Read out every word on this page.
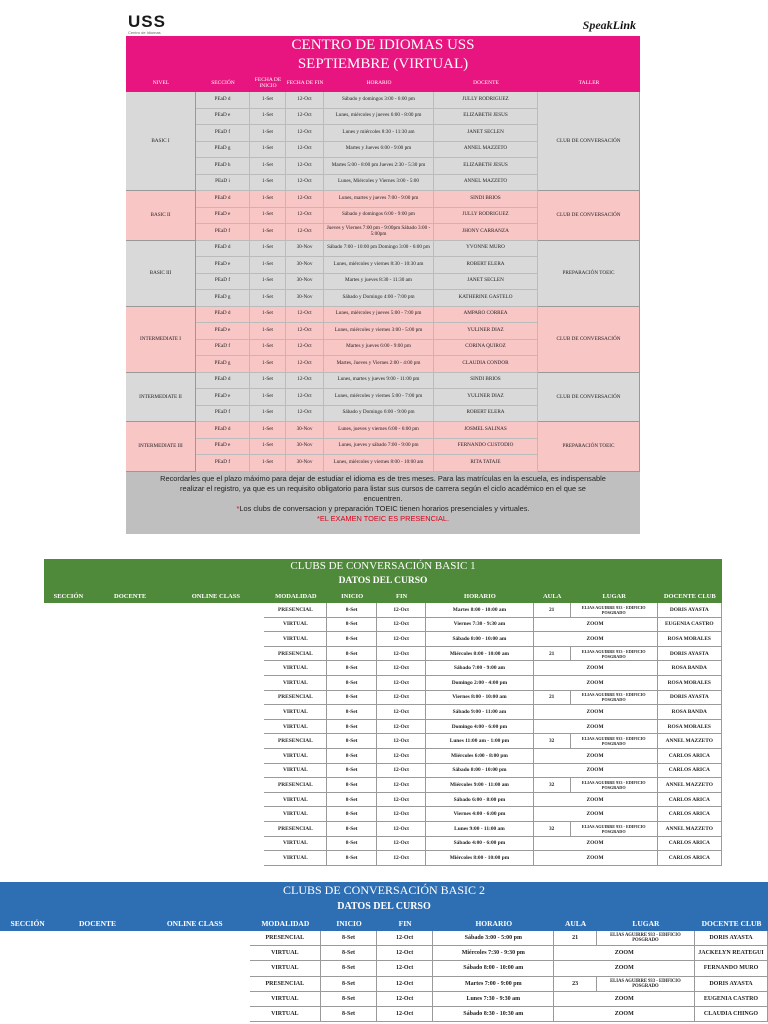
USS
Centro de Idiomas
SpeakLink
CENTRO DE IDIOMAS USS
SEPTIEMBRE (VIRTUAL)
NIVEL	SECCIÓN	FECHA DE INICIO	FECHA DE FIN	HORARIO	DOCENTE	TALLER
BASIC I	CLUB DE CONVERSACIÓN
PEaD d	1-Set	12-Oct	Sábado y domingos 3:00 - 6:00 pm	JULLY RODRIGUEZ
PEaD e	1-Set	12-Oct	Lunes, miércoles y jueves 6:00 - 8:00 pm	ELIZABETH JESUS
PEaD f	1-Set	12-Oct	Lunes y miércoles 8:30 - 11:30 am	JANET SECLEN
PEaD g	1-Set	12-Oct	Martes y Jueves 6:00 - 9:00 pm	ANNEL MAZZETO
PEaD h	1-Set	12-Oct	Martes 5:00 - 8:00 pm Jueves 2:30 - 5:30 pm	ELIZABETH JESUS
PEaD i	1-Set	12-Oct	Lunes, Miércoles y Viernes 3:00 - 5:00	ANNEL MAZZETO
BASIC II	CLUB DE CONVERSACIÓN
PEaD d	1-Set	12-Oct	Lunes, martes y jueves 7:00 - 9:00 pm	SINDI BRIOS
PEaD e	1-Set	12-Oct	Sábado y domingos 6:00 - 9:00 pm	JULLY RODRIGUEZ
PEaD f	1-Set	12-Oct	Jueves y Viernes 7:00 pm - 9:00pm Sábado 3:00 - 5:00pm	JHONY CARRANZA
BASIC III	PREPARACIÓN TOEIC
PEaD d	1-Set	30-Nov	Sábado 7:00 - 10:00 pm Domingo 3:00 - 6:00 pm	YVONNE MURO
PEaD e	1-Set	30-Nov	Lunes, miércoles y viernes 8:30 - 10:30 am	ROBERT ELERA
PEaD f	1-Set	30-Nov	Martes y jueves 8:30 - 11:30 am	JANET SECLEN
PEaD g	1-Set	30-Nov	Sábado y Domingo 4:00 - 7:00 pm	KATHERINE GASTELO
INTERMEDIATE I	CLUB DE CONVERSACIÓN
PEaD d	1-Set	12-Oct	Lunes, miércoles y jueves 5:00 - 7:00 pm	AMPARO CORREA
PEaD e	1-Set	12-Oct	Lunes, miércoles y viernes 3:00 - 5:00 pm	YULINER DIAZ
PEaD f	1-Set	12-Oct	Martes y jueves 6:00 - 9:00 pm	CORINA QUIROZ
PEaD g	1-Set	12-Oct	Martes, Jueves y Viernes 2:00 - 4:00 pm	CLAUDIA CONDOR
INTERMEDIATE II	CLUB DE CONVERSACIÓN
PEaD d	1-Set	12-Oct	Lunes, martes y jueves 9:00 - 11:00 pm	SINDI BRIOS
PEaD e	1-Set	12-Oct	Lunes, miércoles y viernes 5:00 - 7:00 pm	YULINER DIAZ
PEaD f	1-Set	12-Oct	Sábado y Domingo 6:00 - 9:00 pm	ROBERT ELERA
INTERMEDIATE III	PREPARACIÓN TOEIC
PEaD d	1-Set	30-Nov	Lunes, jueves y viernes 6:00 - 6:00 pm	JOSMEL SALINAS
PEaD e	1-Set	30-Nov	Lunes, jueves y sábado 7:00 - 9:00 pm	FERNANDO CUSTODIO
PEaD f	1-Set	30-Nov	Lunes, miércoles y viernes 8:00 - 10:00 am	RITA TATAJE
Recordarles que el plazo máximo para dejar de estudiar el idioma es de tres meses. Para las matrículas en la escuela, es indispensable
realizar el registro, ya que es un requisito obligatorio para listar sus cursos de carrera según el ciclo académico en el que se
encuentren.
*Los clubs de conversacion y preparación TOEIC tienen horarios presenciales y virtuales.
*EL EXAMEN TOEIC ES PRESENCIAL.
CLUBS DE CONVERSACIÓN BASIC 1
DATOS DEL CURSO
SECCIÓN	DOCENTE	ONLINE CLASS	MODALIDAD	INICIO	FIN	HORARIO	AULA	LUGAR	DOCENTE CLUB
PRESENCIAL	8-Set	12-Oct	Martes 8:00 - 10:00 am	21	ELIAS AGUIRRE 933 - EDIFICIO POSGRADO	DORIS AYASTA
VIRTUAL	8-Set	12-Oct	Viernes 7:30 - 9:30 am	ZOOM	EUGENIA CASTRO
VIRTUAL	8-Set	12-Oct	Sábado 8:00 - 10:00 am	ZOOM	ROSA MORALES
PRESENCIAL	8-Set	12-Oct	Miércoles 8:00 - 10:00 am	21	ELIAS AGUIRRE 933 - EDIFICIO POSGRADO	DORIS AYASTA
VIRTUAL	8-Set	12-Oct	Sábado 7:00 - 9:00 am	ZOOM	ROSA BANDA
VIRTUAL	8-Set	12-Oct	Domingo 2:00 - 4:00 pm	ZOOM	ROSA MORALES
PRESENCIAL	8-Set	12-Oct	Viernes 8:00 - 10:00 am	21	ELIAS AGUIRRE 933 - EDIFICIO POSGRADO	DORIS AYASTA
VIRTUAL	8-Set	12-Oct	Sábado 9:00 - 11:00 am	ZOOM	ROSA BANDA
VIRTUAL	8-Set	12-Oct	Domingo 4:00 - 6:00 pm	ZOOM	ROSA MORALES
PRESENCIAL	8-Set	12-Oct	Lunes 11:00 am - 1:00 pm	32	ELIAS AGUIRRE 933 - EDIFICIO POSGRADO	ANNEL MAZZETO
VIRTUAL	8-Set	12-Oct	Miércoles 6:00 - 8:00 pm	ZOOM	CARLOS ARICA
VIRTUAL	8-Set	12-Oct	Sábado 8:00 - 10:00 pm	ZOOM	CARLOS ARICA
PRESENCIAL	8-Set	12-Oct	Miércoles 9:00 - 11:00 am	32	ELIAS AGUIRRE 933 - EDIFICIO POSGRADO	ANNEL MAZZETO
VIRTUAL	8-Set	12-Oct	Sábado 6:00 - 8:00 pm	ZOOM	CARLOS ARICA
VIRTUAL	8-Set	12-Oct	Viernes 4:00 - 6:00 pm	ZOOM	CARLOS ARICA
PRESENCIAL	8-Set	12-Oct	Lunes 9:00 - 11:00 am	32	ELIAS AGUIRRE 933 - EDIFICIO POSGRADO	ANNEL MAZZETO
VIRTUAL	8-Set	12-Oct	Sábado 4:00 - 6:00 pm	ZOOM	CARLOS ARICA
VIRTUAL	8-Set	12-Oct	Miércoles 8:00 - 10:00 pm	ZOOM	CARLOS ARICA
CLUBS DE CONVERSACIÓN BASIC 2
DATOS DEL CURSO
SECCIÓN	DOCENTE	ONLINE CLASS	MODALIDAD	INICIO	FIN	HORARIO	AULA	LUGAR	DOCENTE CLUB
PRESENCIAL	8-Set	12-Oct	Sábado 3:00 - 5:00 pm	21	ELIAS AGUIRRE 933 - EDIFICIO POSGRADO	DORIS AYASTA
VIRTUAL	8-Set	12-Oct	Miércoles 7:30 - 9:30 pm	ZOOM	JACKELYN REATEGUI
VIRTUAL	8-Set	12-Oct	Sábado 8:00 - 10:00 am	ZOOM	FERNANDO MURO
PRESENCIAL	8-Set	12-Oct	Martes 7:00 - 9:00 pm	23	ELIAS AGUIRRE 933 - EDIFICIO POSGRADO	DORIS AYASTA
VIRTUAL	8-Set	12-Oct	Lunes 7:30 - 9:30 am	ZOOM	EUGENIA CASTRO
VIRTUAL	8-Set	12-Oct	Sábado 8:30 - 10:30 am	ZOOM	CLAUDIA CHINGO
